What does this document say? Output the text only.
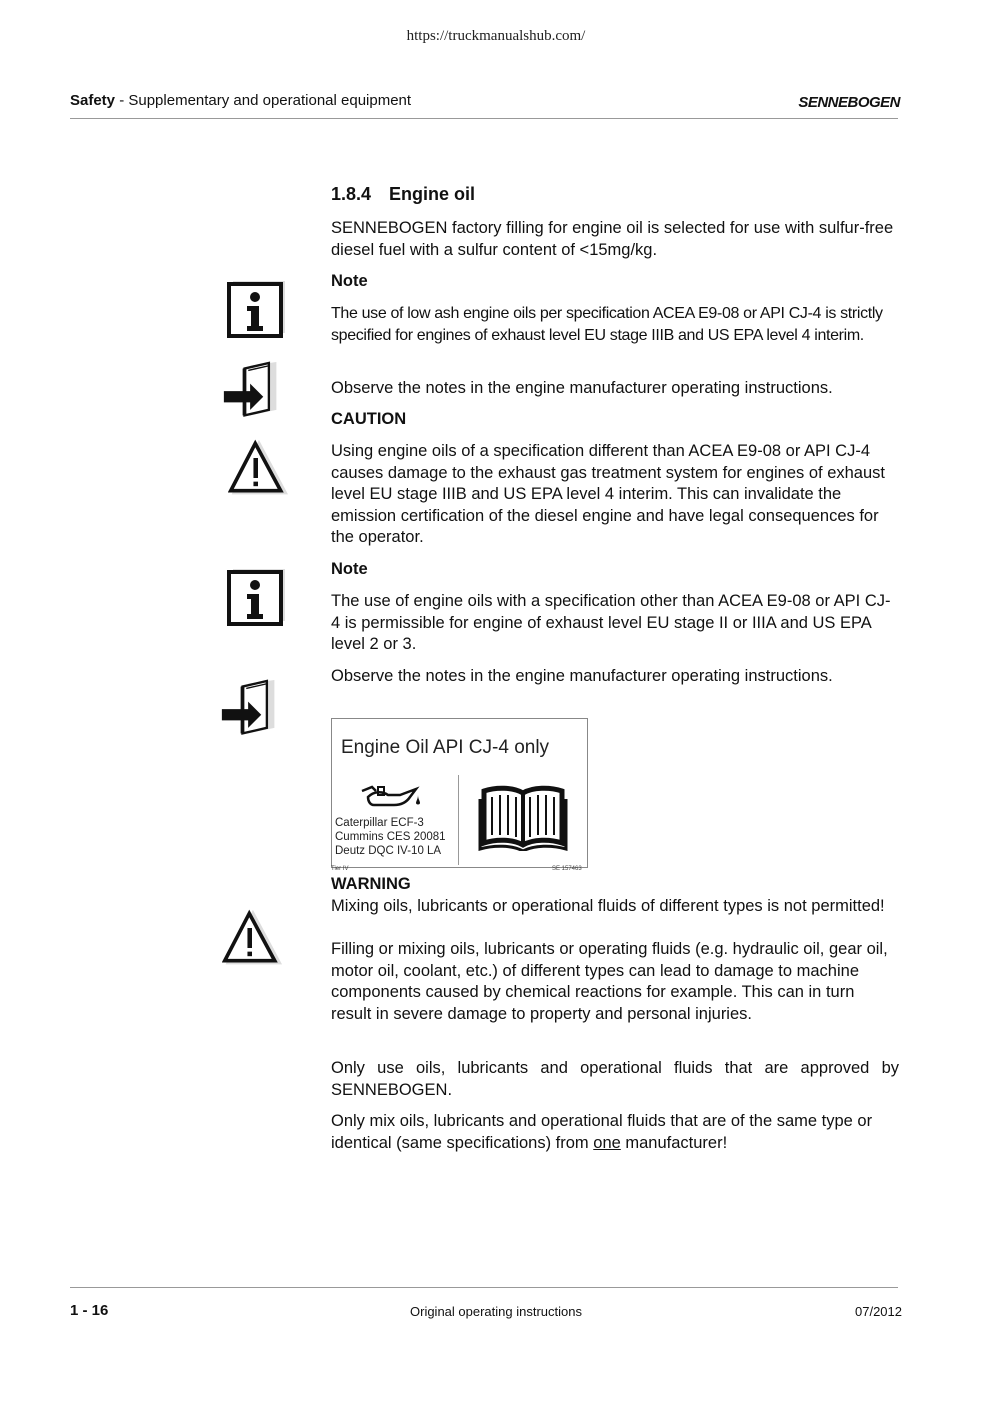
https://truckmanualshub.com/
Safety - Supplementary and operational equipment	SENNEBOGEN
1.8.4 Engine oil
SENNEBOGEN factory filling for engine oil is selected for use with sulfur-free diesel fuel with a sulfur content of <15mg/kg.
Note
The use of low ash engine oils per specification ACEA E9-08 or API CJ-4 is strictly specified for engines of exhaust level EU stage IIIB and US EPA level 4 interim.
Observe the notes in the engine manufacturer operating instructions.
CAUTION
Using engine oils of a specification different than ACEA E9-08 or API CJ-4 causes damage to the exhaust gas treatment system for engines of exhaust level EU stage IIIB and US EPA level 4 interim. This can invalidate the emission certification of the diesel engine and have legal consequences for the operator.
Note
The use of engine oils with a specification other than ACEA E9-08 or API CJ-4 is permissible for engine of exhaust level EU stage II or IIIA and US EPA level 2 or 3.
Observe the notes in the engine manufacturer operating instructions.
Engine Oil API CJ-4 only
Caterpillar ECF-3
Cummins CES 20081
Deutz DQC IV-10 LA
Tier IV	SE 157463
WARNING
Mixing oils, lubricants or operational fluids of different types is not permitted!
Filling or mixing oils, lubricants or operating fluids (e.g. hydraulic oil, gear oil, motor oil, coolant, etc.) of different types can lead to damage to machine components caused by chemical reactions for example. This can in turn result in severe damage to property and personal injuries.
Only use oils, lubricants and operational fluids that are approved by SENNEBOGEN.
Only mix oils, lubricants and operational fluids that are of the same type or identical (same specifications) from one manufacturer!
1 - 16	Original operating instructions	07/2012
